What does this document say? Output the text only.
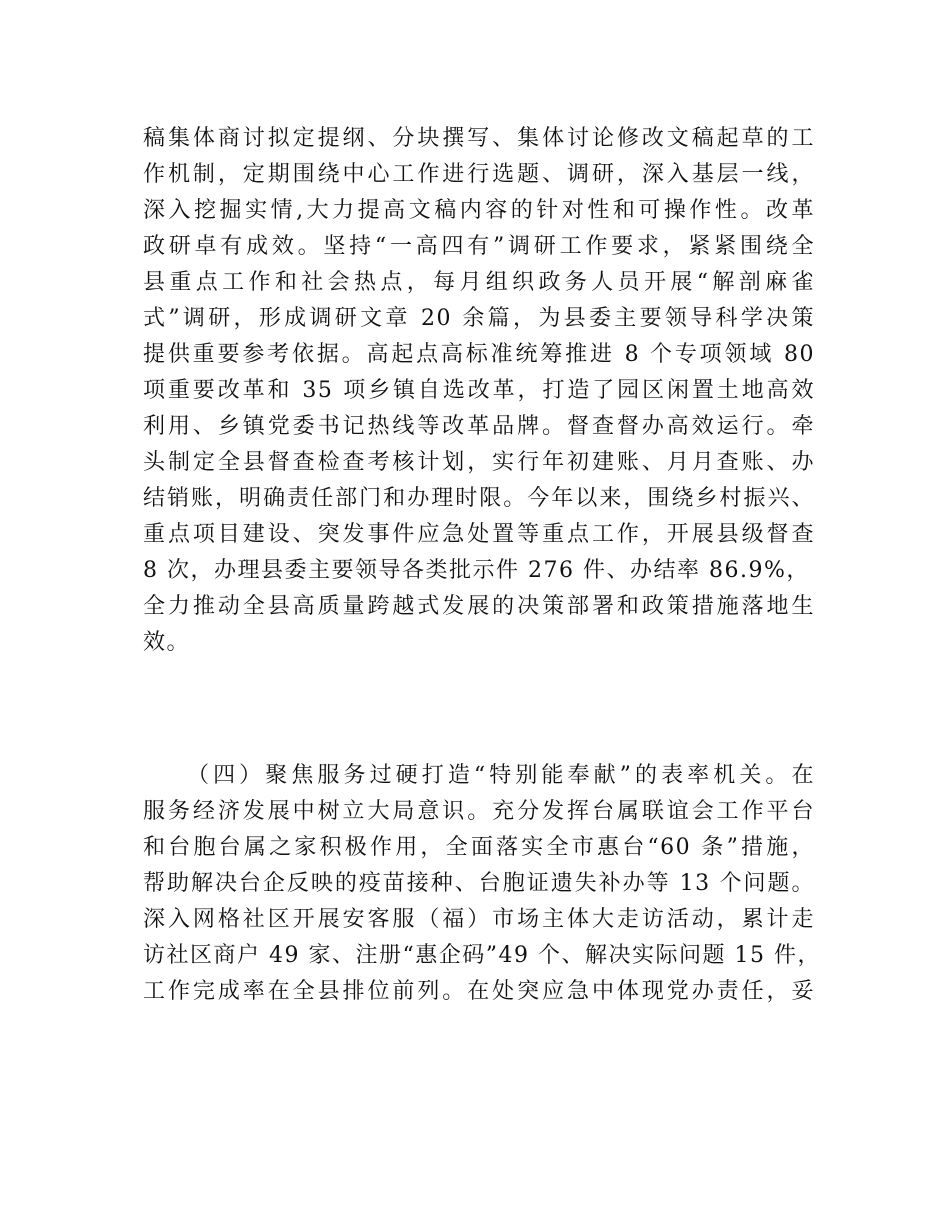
稿集体商讨拟定提纲、分块撰写、集体讨论修改文稿起草的工
作机制，定期围绕中心工作进行选题、调研，深入基层一线，
深入挖掘实情,大力提高文稿内容的针对性和可操作性。改革
政研卓有成效。坚持“一高四有”调研工作要求，紧紧围绕全
县重点工作和社会热点，每月组织政务人员开展“解剖麻雀
式”调研，形成调研文章 20 余篇，为县委主要领导科学决策
提供重要参考依据。高起点高标准统筹推进 8 个专项领域 80
项重要改革和 35 项乡镇自选改革，打造了园区闲置土地高效
利用、乡镇党委书记热线等改革品牌。督查督办高效运行。牵
头制定全县督查检查考核计划，实行年初建账、月月查账、办
结销账，明确责任部门和办理时限。今年以来，围绕乡村振兴、
重点项目建设、突发事件应急处置等重点工作，开展县级督查
8 次，办理县委主要领导各类批示件 276 件、办结率 86.9%，
全力推动全县高质量跨越式发展的决策部署和政策措施落地生
效。
（四）聚焦服务过硬打造“特别能奉献”的表率机关。在
服务经济发展中树立大局意识。充分发挥台属联谊会工作平台
和台胞台属之家积极作用，全面落实全市惠台“60 条”措施，
帮助解决台企反映的疫苗接种、台胞证遗失补办等 13 个问题。
深入网格社区开展安客服（福）市场主体大走访活动，累计走
访社区商户 49 家、注册“惠企码”49 个、解决实际问题 15 件，
工作完成率在全县排位前列。在处突应急中体现党办责任，妥
